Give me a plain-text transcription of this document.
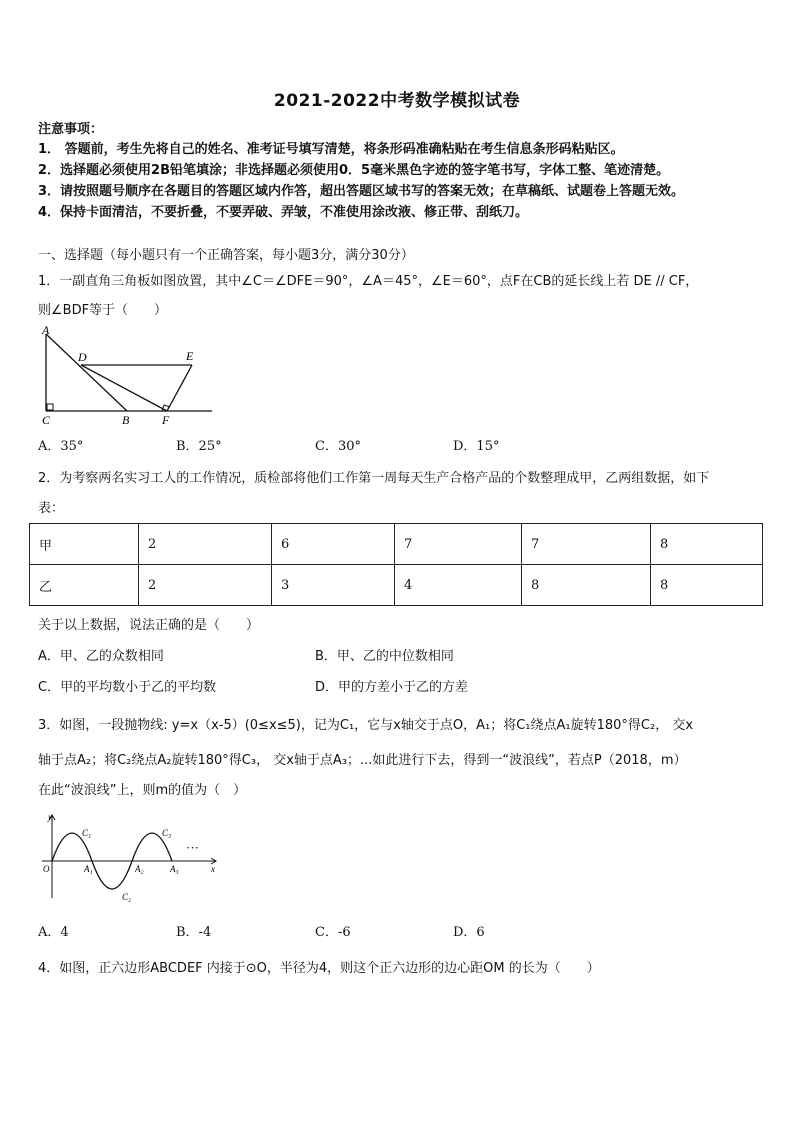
2021-2022中考数学模拟试卷
注意事项：
1． 答题前，考生先将自己的姓名、准考证号填写清楚，将条形码准确粘贴在考生信息条形码粘贴区。
2．选择题必须使用2B铅笔填涂；非选择题必须使用0．5毫米黑色字迹的签字笔书写，字体工整、笔迹清楚。
3．请按照题号顺序在各题目的答题区域内作答，超出答题区域书写的答案无效；在草稿纸、试题卷上答题无效。
4．保持卡面清洁，不要折叠，不要弄破、弄皱，不准使用涂改液、修正带、刮纸刀。
一、选择题（每小题只有一个正确答案，每小题3分，满分30分）
1．一副直角三角板如图放置，其中∠C＝∠DFE＝90°，∠A＝45°，∠E＝60°，点F在CB的延长线上若 DE // CF，
则∠BDF等于（　　）
A
C	B
D	E
F
A．35°	B．25°	C．30°	D．15°
2．为考察两名实习工人的工作情况，质检部将他们工作第一周每天生产合格产品的个数整理成甲，乙两组数据，如下
表：
甲	2	6	7	7	8
乙	2	3	4	8	8
关于以上数据，说法正确的是（　　）
A．甲、乙的众数相同	B．甲、乙的中位数相同
C．甲的平均数小于乙的平均数	D．甲的方差小于乙的方差
3．如图，一段抛物线: y=x（x-5）(0≤x≤5)，记为C₁，它与x轴交于点O，A₁；将C₁绕点A₁旋转180°得C₂， 交x
轴于点A₂；将C₂绕点A₂旋转180°得C₃， 交x轴于点A₃；...如此进行下去，得到一“波浪线”，若点P（2018，m）
在此“波浪线”上，则m的值为（　）
y
x
O	A₁	A₂	A₃
C₁
C₂
C₃
···
A．4	B．-4	C．-6	D．6
4．如图，正六边形ABCDEF 内接于⊙O，半径为4，则这个正六边形的边心距OM 的长为（　　）
